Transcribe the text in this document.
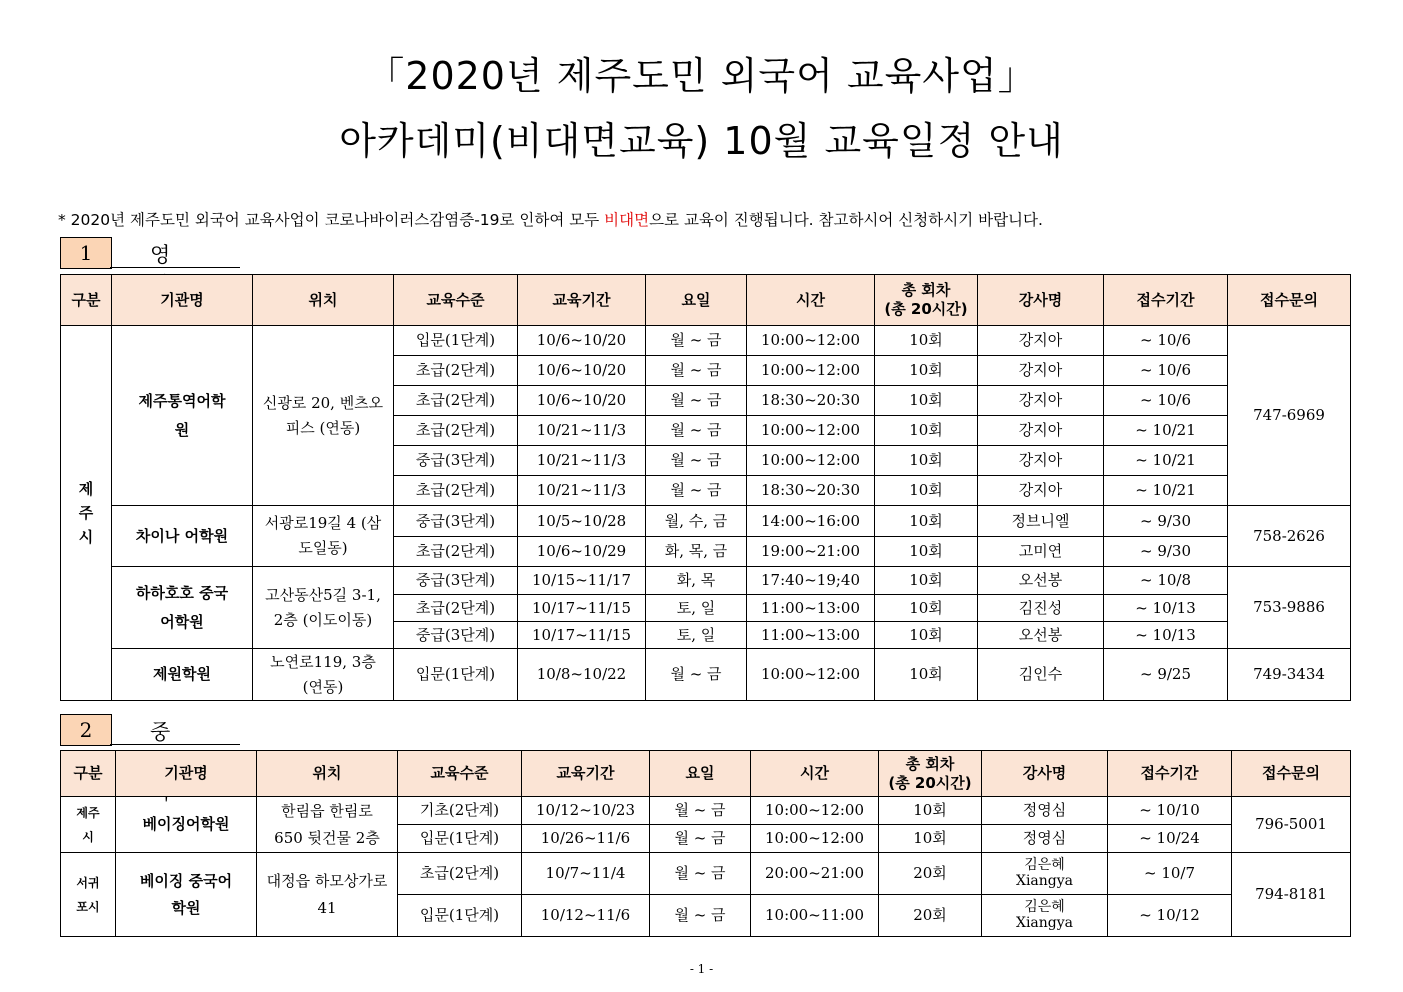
「2020년 제주도민 외국어 교육사업」
아카데미(비대면교육) 10월 교육일정 안내
* 2020년 제주도민 외국어 교육사업이 코로나바이러스감염증-19로 인하여 모두 비대면으로 교육이 진행됩니다. 참고하시어 신청하시기 바랍니다.
1	영
구분	기관명	위치	교육수준	교육기간	요일	시간	총 회차
(총 20시간)	강사명	접수기간	접수문의
제주시	제주통역어학원	신광로 20, 벤츠오피스 (연동)	입문(1단계)	10/6~10/20	월 ~ 금	10:00~12:00	10회	강지아	~ 10/6	747-6969
			초급(2단계)	10/6~10/20	월 ~ 금	10:00~12:00	10회	강지아	~ 10/6	
			초급(2단계)	10/6~10/20	월 ~ 금	18:30~20:30	10회	강지아	~ 10/6	
			초급(2단계)	10/21~11/3	월 ~ 금	10:00~12:00	10회	강지아	~ 10/21	
			중급(3단계)	10/21~11/3	월 ~ 금	10:00~12:00	10회	강지아	~ 10/21	
			초급(2단계)	10/21~11/3	월 ~ 금	18:30~20:30	10회	강지아	~ 10/21	
	차이나 어학원	서광로19길 4 (삼도일동)	중급(3단계)	10/5~10/28	월, 수, 금	14:00~16:00	10회	정브니엘	~ 9/30	758-2626
			초급(2단계)	10/6~10/29	화, 목, 금	19:00~21:00	10회	고미연	~ 9/30	
	하하호호 중국어학원	고산동산5길 3-1, 2층 (이도이동)	중급(3단계)	10/15~11/17	화, 목	17:40~19;40	10회	오선봉	~ 10/8	753-9886
			초급(2단계)	10/17~11/15	토, 일	11:00~13:00	10회	김진성	~ 10/13	
			중급(3단계)	10/17~11/15	토, 일	11:00~13:00	10회	오선봉	~ 10/13	
	제원학원	노연로119, 3층 (연동)	입문(1단계)	10/8~10/22	월 ~ 금	10:00~12:00	10회	김인수	~ 9/25	749-3434
2	중
구분	기관명	위치	교육수준	교육기간	요일	시간	총 회차
(총 20시간)	강사명	접수기간	접수문의
제주시	베이징어학원	한림읍 한림로 650 뒷건물 2층	기초(2단계)	10/12~10/23	월 ~ 금	10:00~12:00	10회	정영심	~ 10/10	796-5001
			입문(1단계)	10/26~11/6	월 ~ 금	10:00~12:00	10회	정영심	~ 10/24	
서귀포시	베이징 중국어학원	대정읍 하모상가로 41	초급(2단계)	10/7~11/4	월 ~ 금	20:00~21:00	20회	김은혜 Xiangya	~ 10/7	794-8181
			입문(1단계)	10/12~11/6	월 ~ 금	10:00~11:00	20회	김은혜 Xiangya	~ 10/12	
- 1 -
